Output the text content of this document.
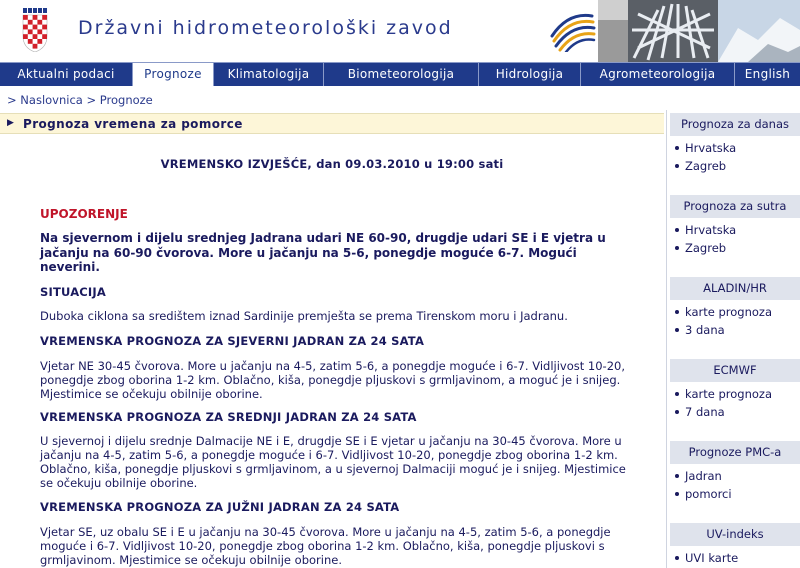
Državni hidrometeorološki zavod
Aktualni podaci	Prognoze	Klimatologija	Biometeorologija	Hidrologija	Agrometeorologija	English
> Naslovnica > Prognoze
▶ Prognoza vremena za pomorce
VREMENSKO IZVJEŠĆE, dan 09.03.2010 u 19:00 sati
UPOZORENJE
Na sjevernom i dijelu srednjeg Jadrana udari NE 60-90, drugdje udari SE i E vjetra u jačanju na 60-90 čvorova. More u jačanju na 5-6, ponegdje moguće 6-7. Mogući neverini.
SITUACIJA
Duboka ciklona sa središtem iznad Sardinije premješta se prema Tirenskom moru i Jadranu.
VREMENSKA PROGNOZA ZA SJEVERNI JADRAN ZA 24 SATA
Vjetar NE 30-45 čvorova. More u jačanju na 4-5, zatim 5-6, a ponegdje moguće i 6-7. Vidljivost 10-20, ponegdje zbog oborina 1-2 km. Oblačno, kiša, ponegdje pljuskovi s grmljavinom, a moguć je i snijeg. Mjestimice se očekuju obilnije oborine.
VREMENSKA PROGNOZA ZA SREDNJI JADRAN ZA 24 SATA
U sjevernoj i dijelu srednje Dalmacije NE i E, drugdje SE i E vjetar u jačanju na 30-45 čvorova. More u jačanju na 4-5, zatim 5-6, a ponegdje moguće i 6-7. Vidljivost 10-20, ponegdje zbog oborina 1-2 km. Oblačno, kiša, ponegdje pljuskovi s grmljavinom, a u sjevernoj Dalmaciji moguć je i snijeg. Mjestimice se očekuju obilnije oborine.
VREMENSKA PROGNOZA ZA JUŽNI JADRAN ZA 24 SATA
Vjetar SE, uz obalu SE i E u jačanju na 30-45 čvorova. More u jačanju na 4-5, zatim 5-6, a ponegdje moguće i 6-7. Vidljivost 10-20, ponegdje zbog oborina 1-2 km. Oblačno, kiša, ponegdje pljuskovi s grmljavinom. Mjestimice se očekuju obilnije oborine.
Prognoza za danas
Hrvatska
Zagreb
Prognoza za sutra
Hrvatska
Zagreb
ALADIN/HR
karte prognoza
3 dana
ECMWF
karte prognoza
7 dana
Prognoze PMC-a
Jadran
pomorci
UV-indeks
UVI karte
